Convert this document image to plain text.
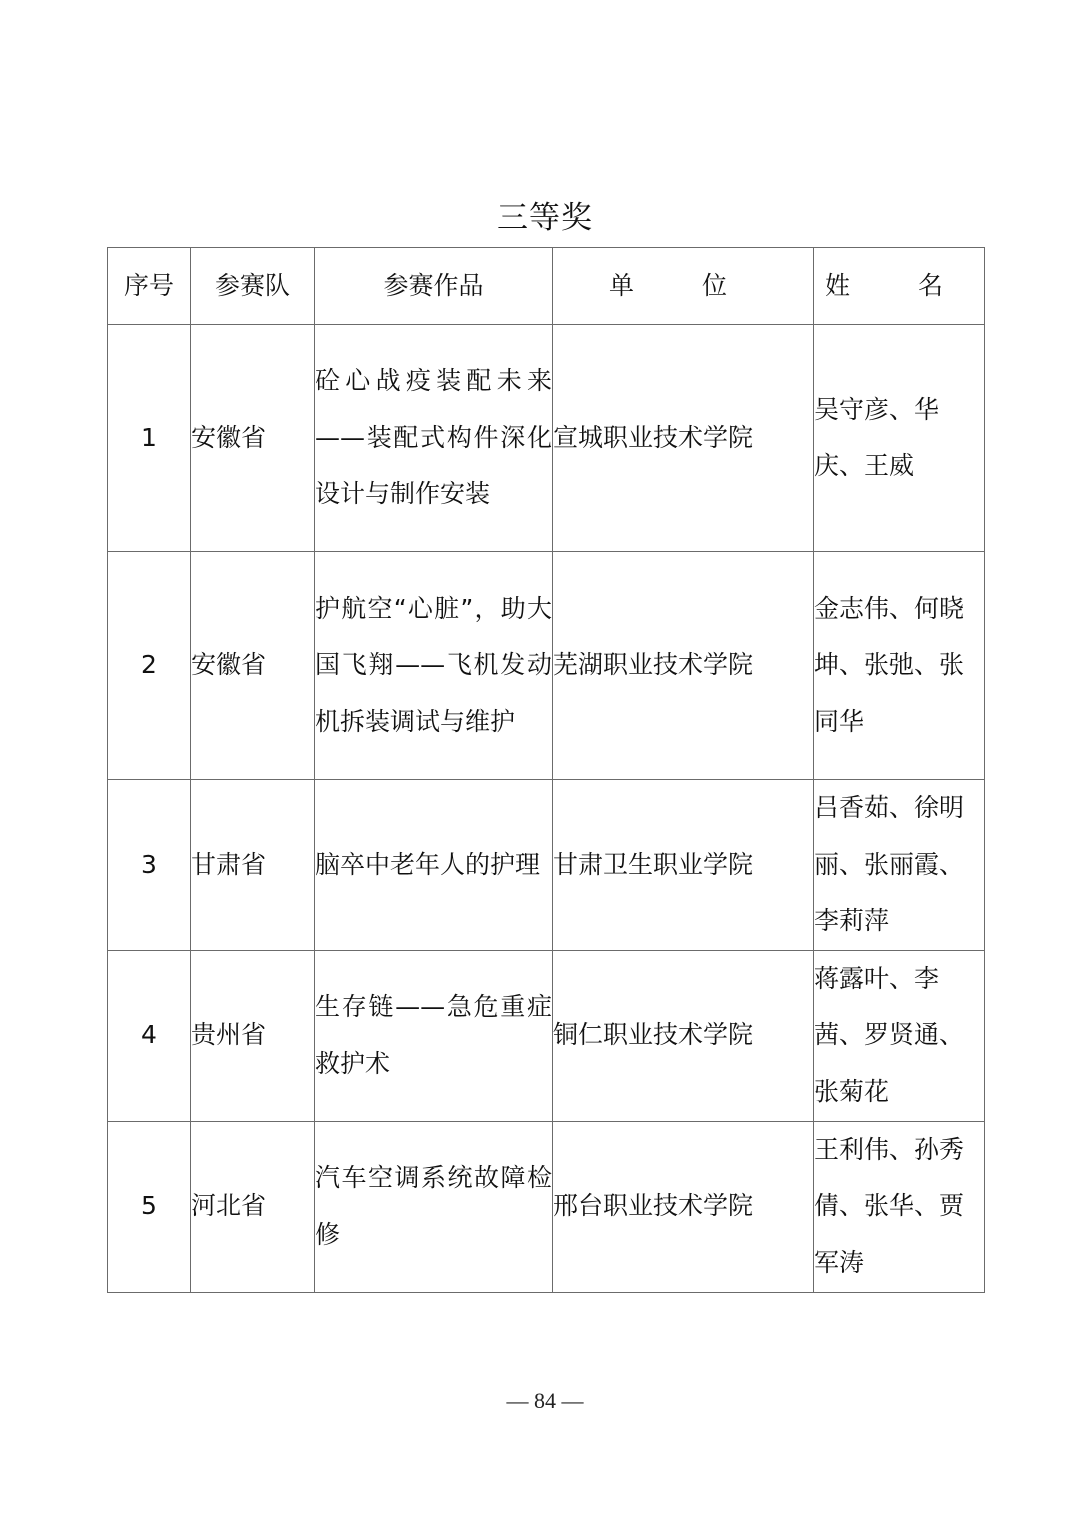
三等奖
序号	参赛队	参赛作品	单 位	姓 名
1	安徽省	砼心战疫装配未来——装配式构件深化设计与制作安装	宣城职业技术学院	吴守彦、华庆、王威
2	安徽省	护航空“心脏”，助大国飞翔——飞机发动机拆装调试与维护	芜湖职业技术学院	金志伟、何晓坤、张弛、张同华
3	甘肃省	脑卒中老年人的护理	甘肃卫生职业学院	吕香茹、徐明丽、张丽霞、李莉萍
4	贵州省	生存链——急危重症救护术	铜仁职业技术学院	蒋露叶、李茜、罗贤通、张菊花
5	河北省	汽车空调系统故障检修	邢台职业技术学院	王利伟、孙秀倩、张华、贾军涛
— 84 —
